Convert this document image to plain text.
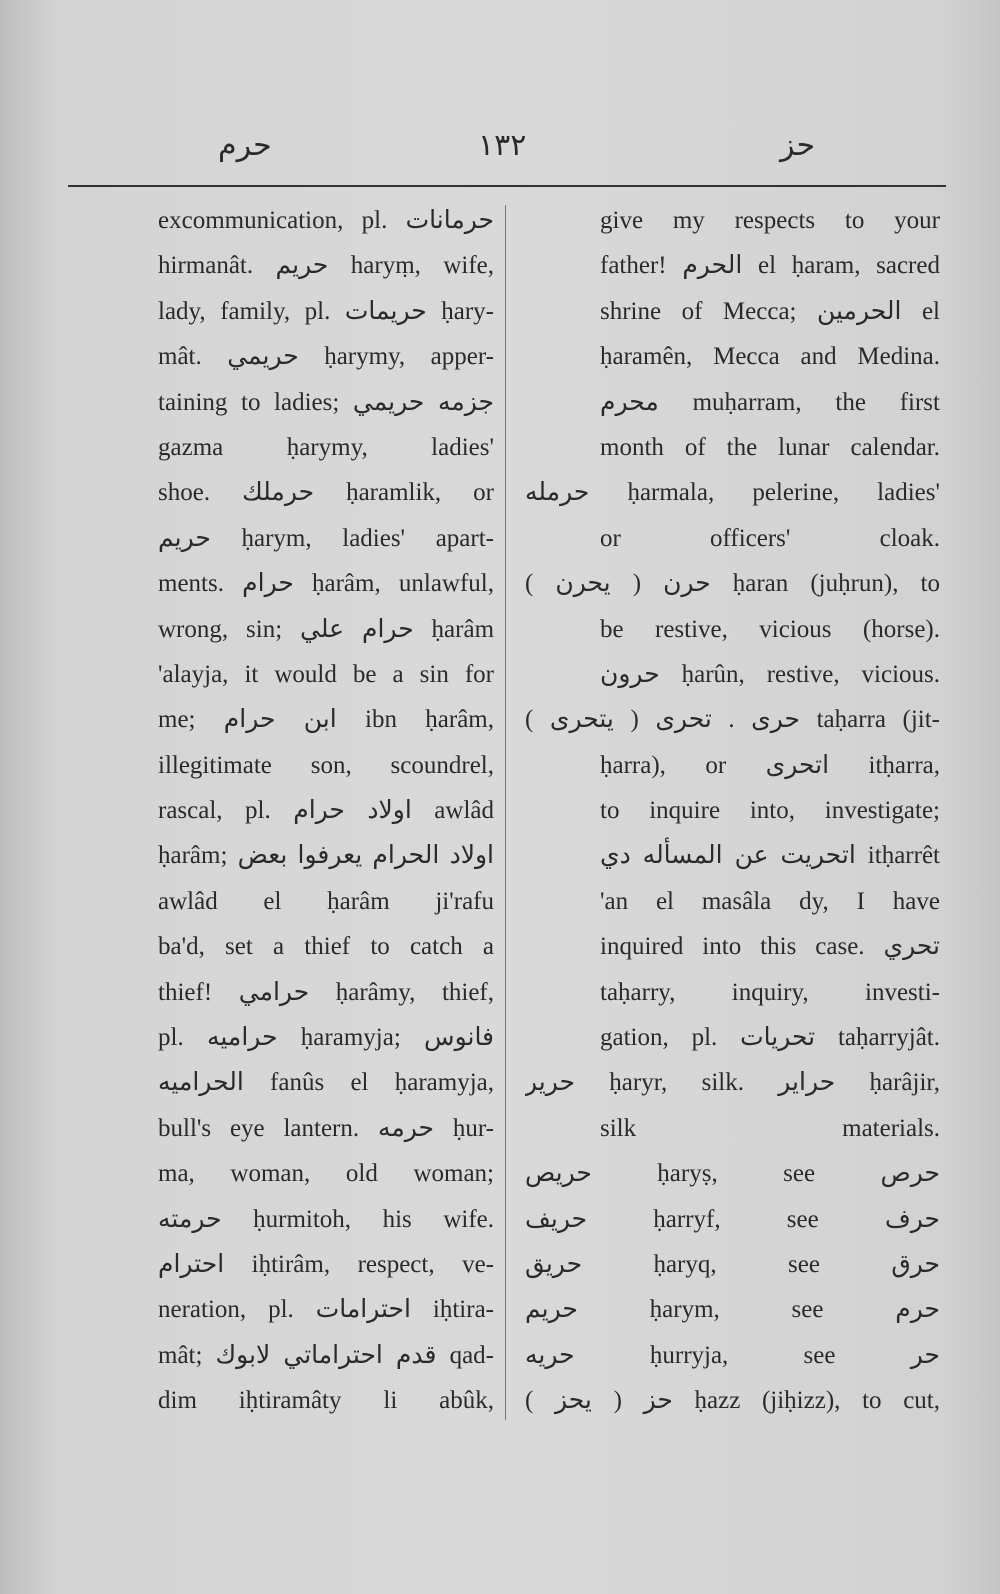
حرم	١٣٢	حز
excommunication, pl. حرمانات
hirmanât. حريم haryṃ, wife,
lady, family, pl. حريمات ḥary-
mât. حريمي ḥarymy, apper-
taining to ladies; جزمه حريمي
gazma ḥarymy, ladies'
shoe. حرملك ḥaramlik, or
حريم ḥarym, ladies' apart-
ments. حرام ḥarâm, unlawful,
wrong, sin; حرام علي ḥarâm
'alayja, it would be a sin for
me; ابن حرام ibn ḥarâm,
illegitimate son, scoundrel,
rascal, pl. اولاد حرام awlâd
ḥarâm; اولاد الحرام يعرفوا بعض
awlâd el ḥarâm ji'rafu
ba'd, set a thief to catch a
thief! حرامي ḥarâmy, thief,
pl. حراميه ḥaramyja; فانوس
الحراميه fanûs el ḥaramyja,
bull's eye lantern. حرمه ḥur-
ma, woman, old woman;
حرمته ḥurmitoh, his wife.
احترام iḥtirâm, respect, ve-
neration, pl. احترامات iḥtira-
mât; قدم احتراماتي لابوك qad-
dim iḥtiramâty li abûk,
give my respects to your
father! الحرم el ḥaram, sacred
shrine of Mecca; الحرمين el
ḥaramên, Mecca and Medina.
محرم muḥarram, the first
month of the lunar calendar.
حرمله ḥarmala, pelerine, ladies'
or officers' cloak.
حرن ( يحرن ) ḥaran (juḥrun), to
be restive, vicious (horse).
حرون ḥarûn, restive, vicious.
حرى . تحرى ( يتحرى ) taḥarra (jit-
ḥarra), or اتحرى itḥarra,
to inquire into, investigate;
اتحريت عن المسأله دي itḥarrêt
'an el masâla dy, I have
inquired into this case. تحري
taḥarry, inquiry, investi-
gation, pl. تحريات taḥarryjât.
حرير ḥaryr, silk. حراير ḥarâjir,
silk materials.
حريص ḥaryṣ, see حرص
حريف ḥarryf, see حرف
حريق ḥaryq, see حرق
حريم ḥarym, see حرم
حريه ḥurryja, see حر
حز ( يحز ) ḥazz (jiḥizz), to cut,
